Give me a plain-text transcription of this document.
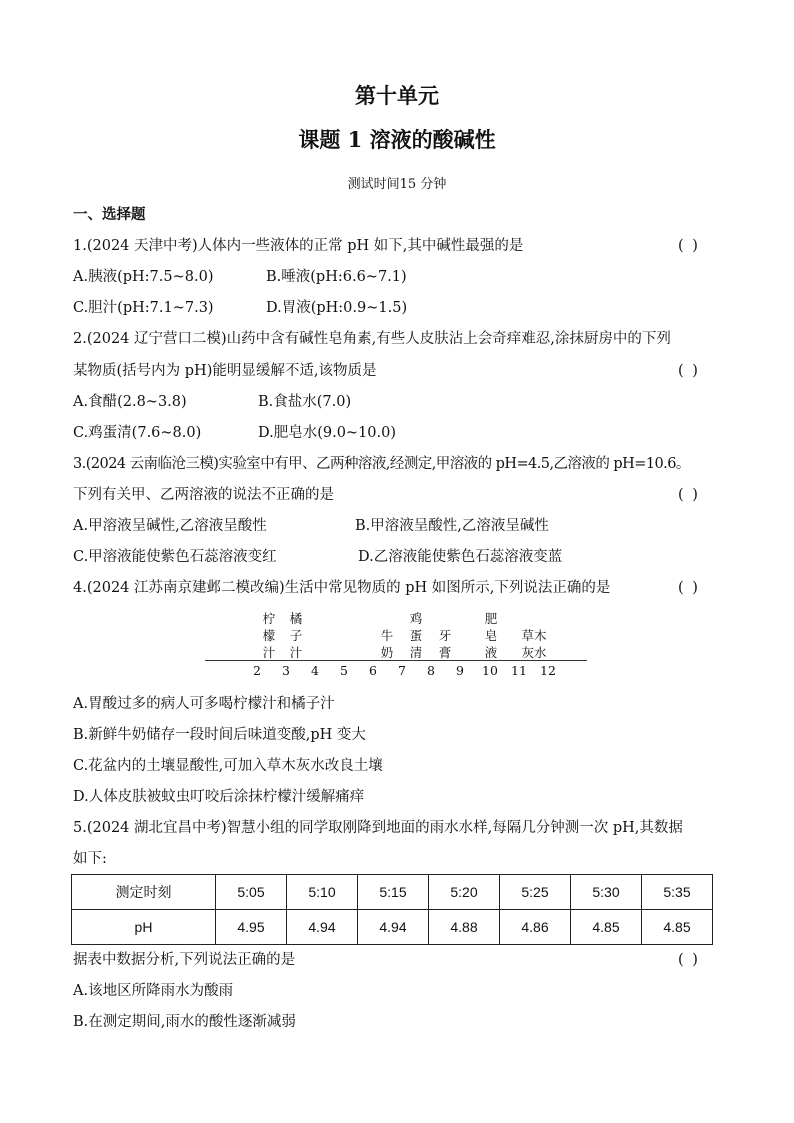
第十单元
课题 1 溶液的酸碱性
测试时间15 分钟
一、选择题
1.(2024 天津中考)人体内一些液体的正常 pH 如下,其中碱性最强的是	( )
A.胰液(pH:7.5~8.0)	B.唾液(pH:6.6~7.1)
C.胆汁(pH:7.1~7.3)	D.胃液(pH:0.9~1.5)
2.(2024 辽宁营口二模)山药中含有碱性皂角素,有些人皮肤沾上会奇痒难忍,涂抹厨房中的下列
某物质(括号内为 pH)能明显缓解不适,该物质是	( )
A.食醋(2.8~3.8)	B.食盐水(7.0)
C.鸡蛋清(7.6~8.0)	D.肥皂水(9.0~10.0)
3.(2024 云南临沧三模)实验室中有甲、乙两种溶液,经测定,甲溶液的 pH=4.5,乙溶液的 pH=10.6。
下列有关甲、乙两溶液的说法不正确的是	( )
A.甲溶液呈碱性,乙溶液呈酸性	B.甲溶液呈酸性,乙溶液呈碱性
C.甲溶液能使紫色石蕊溶液变红	D.乙溶液能使紫色石蕊溶液变蓝
4.(2024 江苏南京建邺二模改编)生活中常见物质的 pH 如图所示,下列说法正确的是	( )
柠
檬
汁
橘
子
汁
牛
奶
鸡
蛋
清
牙
膏
肥
皂
液
草木
灰水
2	3	4	5	6	7	8	9	10 11 12
A.胃酸过多的病人可多喝柠檬汁和橘子汁
B.新鲜牛奶储存一段时间后味道变酸,pH 变大
C.花盆内的土壤显酸性,可加入草木灰水改良土壤
D.人体皮肤被蚊虫叮咬后涂抹柠檬汁缓解痛痒
5.(2024 湖北宜昌中考)智慧小组的同学取刚降到地面的雨水水样,每隔几分钟测一次 pH,其数据
如下:
测定时刻	5:05	5:10	5:15	5:20	5:25	5:30	5:35
pH	4.95	4.94	4.94	4.88	4.86	4.85	4.85
据表中数据分析,下列说法正确的是	( )
A.该地区所降雨水为酸雨
B.在测定期间,雨水的酸性逐渐减弱
